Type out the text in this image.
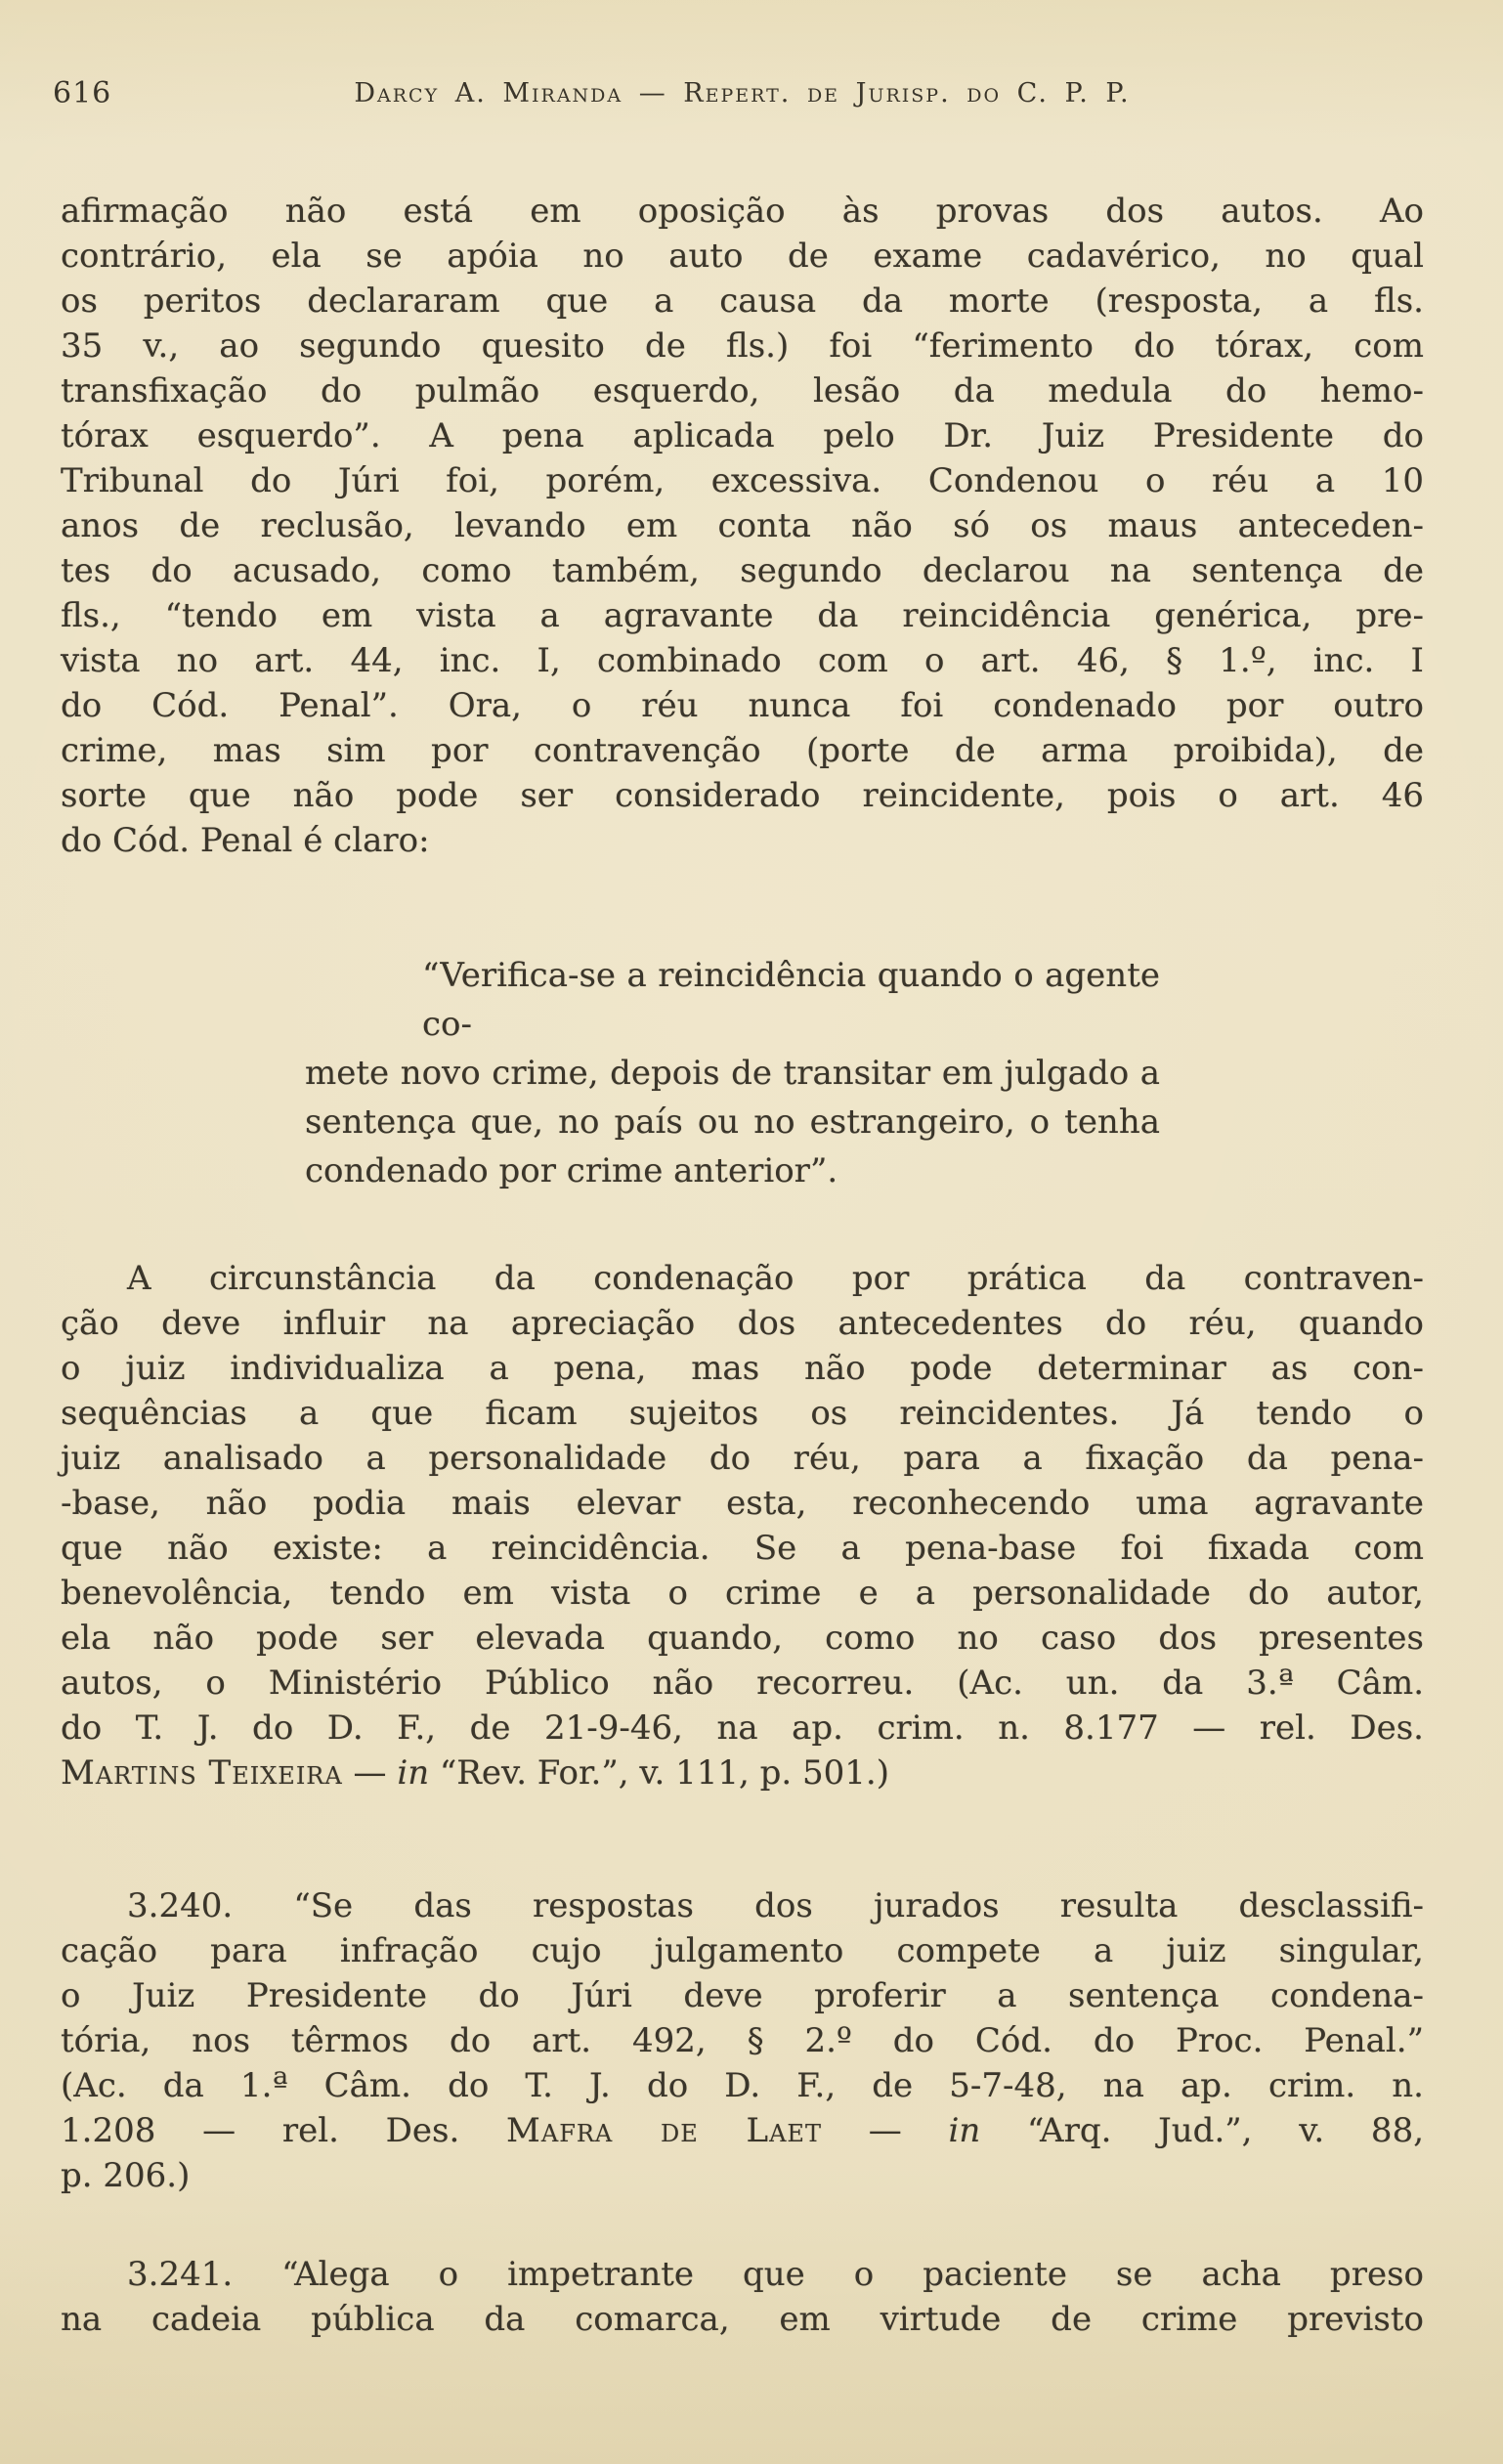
616	Darcy A. Miranda — Repert. de Jurisp. do C. P. P.
afirmação não está em oposição às provas dos autos. Ao
contrário, ela se apóia no auto de exame cadavérico, no qual
os peritos declararam que a causa da morte (resposta, a fls.
35 v., ao segundo quesito de fls.) foi “ferimento do tórax, com
transfixação do pulmão esquerdo, lesão da medula do hemo-
tórax esquerdo”. A pena aplicada pelo Dr. Juiz Presidente do
Tribunal do Júri foi, porém, excessiva. Condenou o réu a 10
anos de reclusão, levando em conta não só os maus anteceden-
tes do acusado, como também, segundo declarou na sentença de
fls., “tendo em vista a agravante da reincidência genérica, pre-
vista no art. 44, inc. I, combinado com o art. 46, § 1.º, inc. I
do Cód. Penal”. Ora, o réu nunca foi condenado por outro
crime, mas sim por contravenção (porte de arma proibida), de
sorte que não pode ser considerado reincidente, pois o art. 46
do Cód. Penal é claro:
“Verifica-se a reincidência quando o agente co-
mete novo crime, depois de transitar em julgado a
sentença que, no país ou no estrangeiro, o tenha
condenado por crime anterior”.
A circunstância da condenação por prática da contraven-
ção deve influir na apreciação dos antecedentes do réu, quando
o juiz individualiza a pena, mas não pode determinar as con-
sequências a que ficam sujeitos os reincidentes. Já tendo o
juiz analisado a personalidade do réu, para a fixação da pena-
-base, não podia mais elevar esta, reconhecendo uma agravante
que não existe: a reincidência. Se a pena-base foi fixada com
benevolência, tendo em vista o crime e a personalidade do autor,
ela não pode ser elevada quando, como no caso dos presentes
autos, o Ministério Público não recorreu. (Ac. un. da 3.ª Câm.
do T. J. do D. F., de 21-9-46, na ap. crim. n. 8.177 — rel. Des.
Martins Teixeira — in “Rev. For.”, v. 111, p. 501.)
3.240. “Se das respostas dos jurados resulta desclassifi-
cação para infração cujo julgamento compete a juiz singular,
o Juiz Presidente do Júri deve proferir a sentença condena-
tória, nos têrmos do art. 492, § 2.º do Cód. do Proc. Penal.”
(Ac. da 1.ª Câm. do T. J. do D. F., de 5-7-48, na ap. crim. n.
1.208 — rel. Des. Mafra de Laet — in “Arq. Jud.”, v. 88,
p. 206.)
3.241. “Alega o impetrante que o paciente se acha preso
na cadeia pública da comarca, em virtude de crime previsto
